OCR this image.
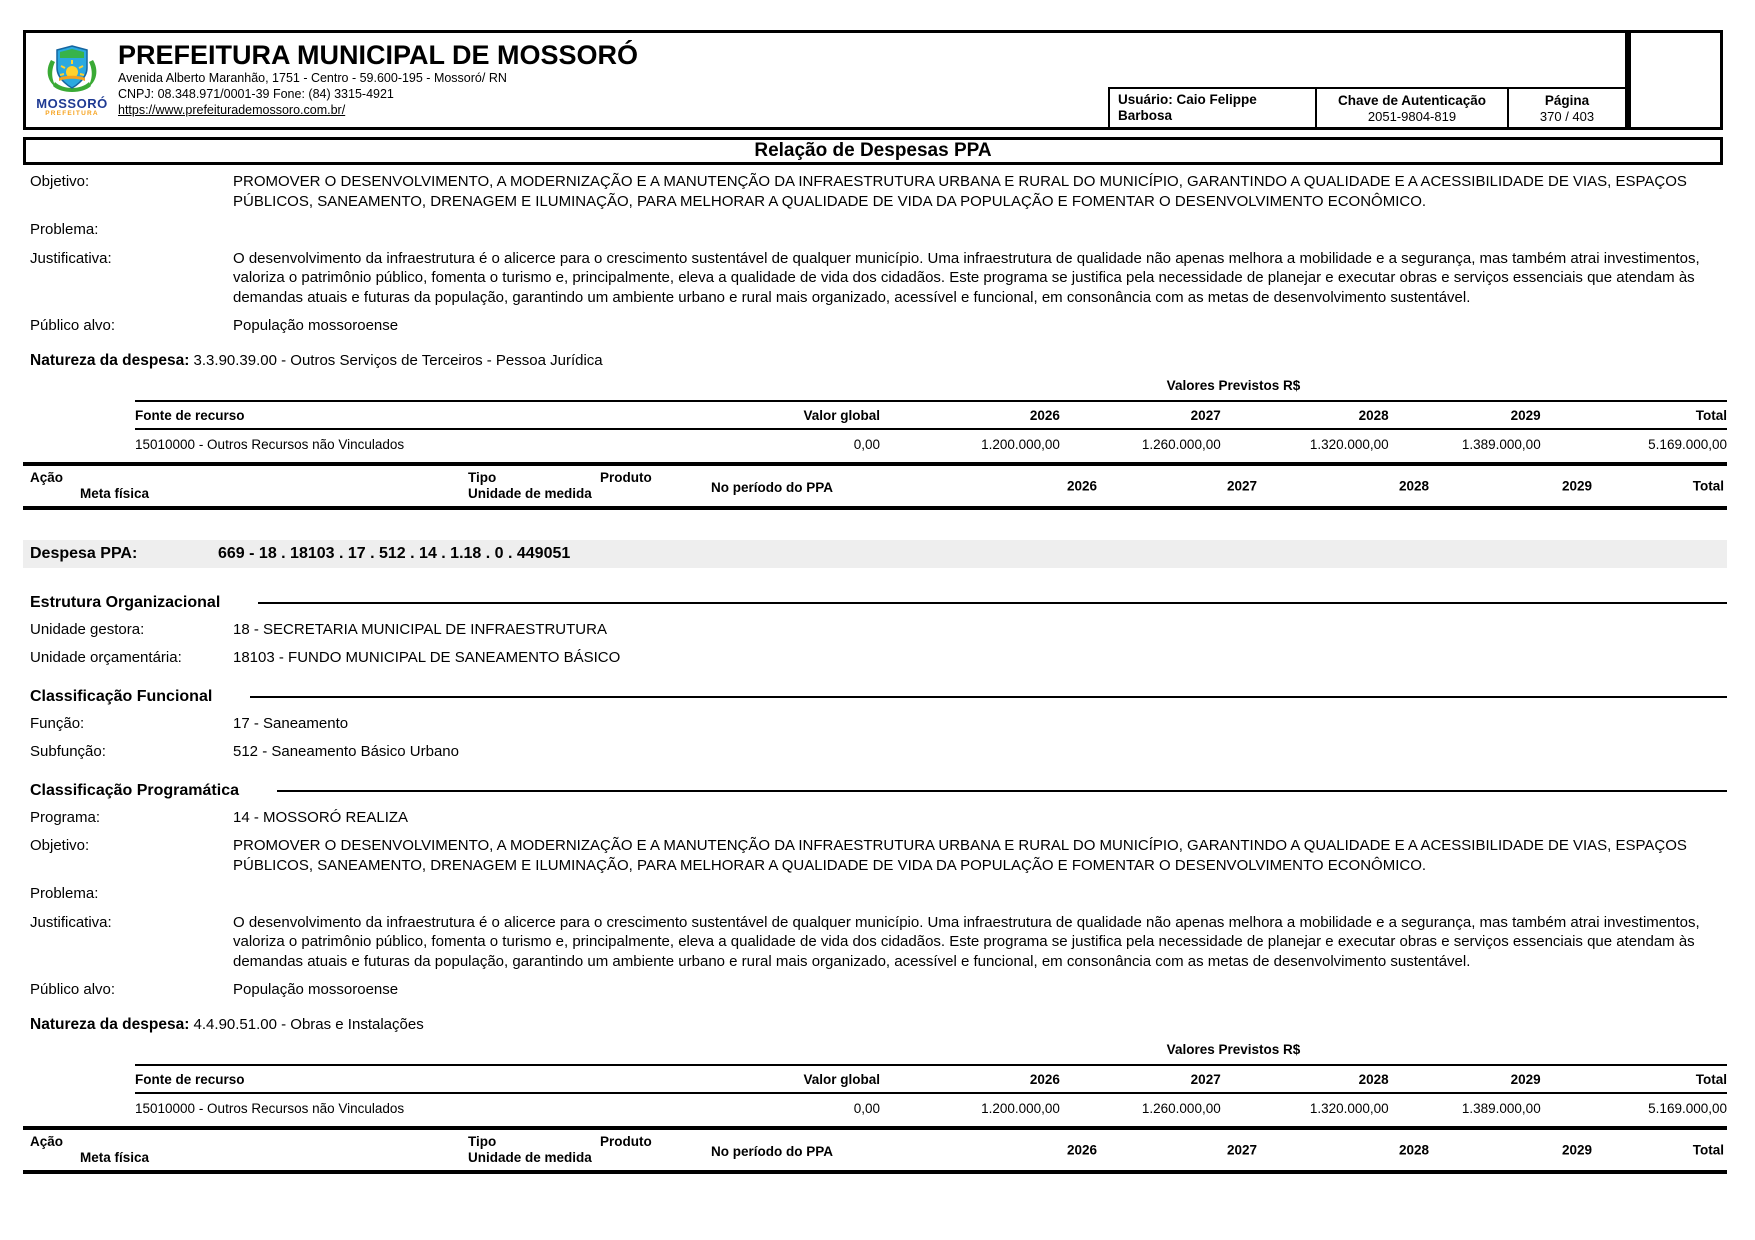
MOSSORÓ
PREFEITURA
PREFEITURA MUNICIPAL DE MOSSORÓ
Avenida Alberto Maranhão, 1751 - Centro - 59.600-195 - Mossoró/ RN
CNPJ: 08.348.971/0001-39 Fone: (84) 3315-4921
https://www.prefeiturademossoro.com.br/
Usuário: Caio Felippe Barbosa
Chave de Autenticação
2051-9804-819
Página
370 / 403
Relação de Despesas PPA
Objetivo:	PROMOVER O DESENVOLVIMENTO, A MODERNIZAÇÃO E A MANUTENÇÃO DA INFRAESTRUTURA URBANA E RURAL DO MUNICÍPIO, GARANTINDO A QUALIDADE E A ACESSIBILIDADE DE VIAS, ESPAÇOS PÚBLICOS, SANEAMENTO, DRENAGEM E ILUMINAÇÃO, PARA MELHORAR A QUALIDADE DE VIDA DA POPULAÇÃO E FOMENTAR O DESENVOLVIMENTO ECONÔMICO.
Problema:
Justificativa:	O desenvolvimento da infraestrutura é o alicerce para o crescimento sustentável de qualquer município. Uma infraestrutura de qualidade não apenas melhora a mobilidade e a segurança, mas também atrai investimentos, valoriza o patrimônio público, fomenta o turismo e, principalmente, eleva a qualidade de vida dos cidadãos. Este programa se justifica pela necessidade de planejar e executar obras e serviços essenciais que atendam às demandas atuais e futuras da população, garantindo um ambiente urbano e rural mais organizado, acessível e funcional, em consonância com as metas de desenvolvimento sustentável.
Público alvo:	População mossoroense
Natureza da despesa: 3.3.90.39.00 - Outros Serviços de Terceiros - Pessoa Jurídica
Valores Previstos R$
Fonte de recurso	Valor global	2026	2027	2028	2029	Total
15010000 - Outros Recursos não Vinculados	0,00	1.200.000,00	1.260.000,00	1.320.000,00	1.389.000,00	5.169.000,00
Ação	Tipo	Produto
Meta física	Unidade de medida	No período do PPA	2026	2027	2028	2029	Total
Despesa PPA:	669 - 18 . 18103 . 17 . 512 . 14 . 1.18 . 0 . 449051
Estrutura Organizacional
Unidade gestora:	18 - SECRETARIA MUNICIPAL DE INFRAESTRUTURA
Unidade orçamentária:	18103 - FUNDO MUNICIPAL DE SANEAMENTO BÁSICO
Classificação Funcional
Função:	17 - Saneamento
Subfunção:	512 - Saneamento Básico Urbano
Classificação Programática
Programa:	14 - MOSSORÓ REALIZA
Objetivo:	PROMOVER O DESENVOLVIMENTO, A MODERNIZAÇÃO E A MANUTENÇÃO DA INFRAESTRUTURA URBANA E RURAL DO MUNICÍPIO, GARANTINDO A QUALIDADE E A ACESSIBILIDADE DE VIAS, ESPAÇOS PÚBLICOS, SANEAMENTO, DRENAGEM E ILUMINAÇÃO, PARA MELHORAR A QUALIDADE DE VIDA DA POPULAÇÃO E FOMENTAR O DESENVOLVIMENTO ECONÔMICO.
Problema:
Justificativa:	O desenvolvimento da infraestrutura é o alicerce para o crescimento sustentável de qualquer município. Uma infraestrutura de qualidade não apenas melhora a mobilidade e a segurança, mas também atrai investimentos, valoriza o patrimônio público, fomenta o turismo e, principalmente, eleva a qualidade de vida dos cidadãos. Este programa se justifica pela necessidade de planejar e executar obras e serviços essenciais que atendam às demandas atuais e futuras da população, garantindo um ambiente urbano e rural mais organizado, acessível e funcional, em consonância com as metas de desenvolvimento sustentável.
Público alvo:	População mossoroense
Natureza da despesa: 4.4.90.51.00 - Obras e Instalações
Valores Previstos R$
Fonte de recurso	Valor global	2026	2027	2028	2029	Total
15010000 - Outros Recursos não Vinculados	0,00	1.200.000,00	1.260.000,00	1.320.000,00	1.389.000,00	5.169.000,00
Ação	Tipo	Produto
Meta física	Unidade de medida	No período do PPA	2026	2027	2028	2029	Total
